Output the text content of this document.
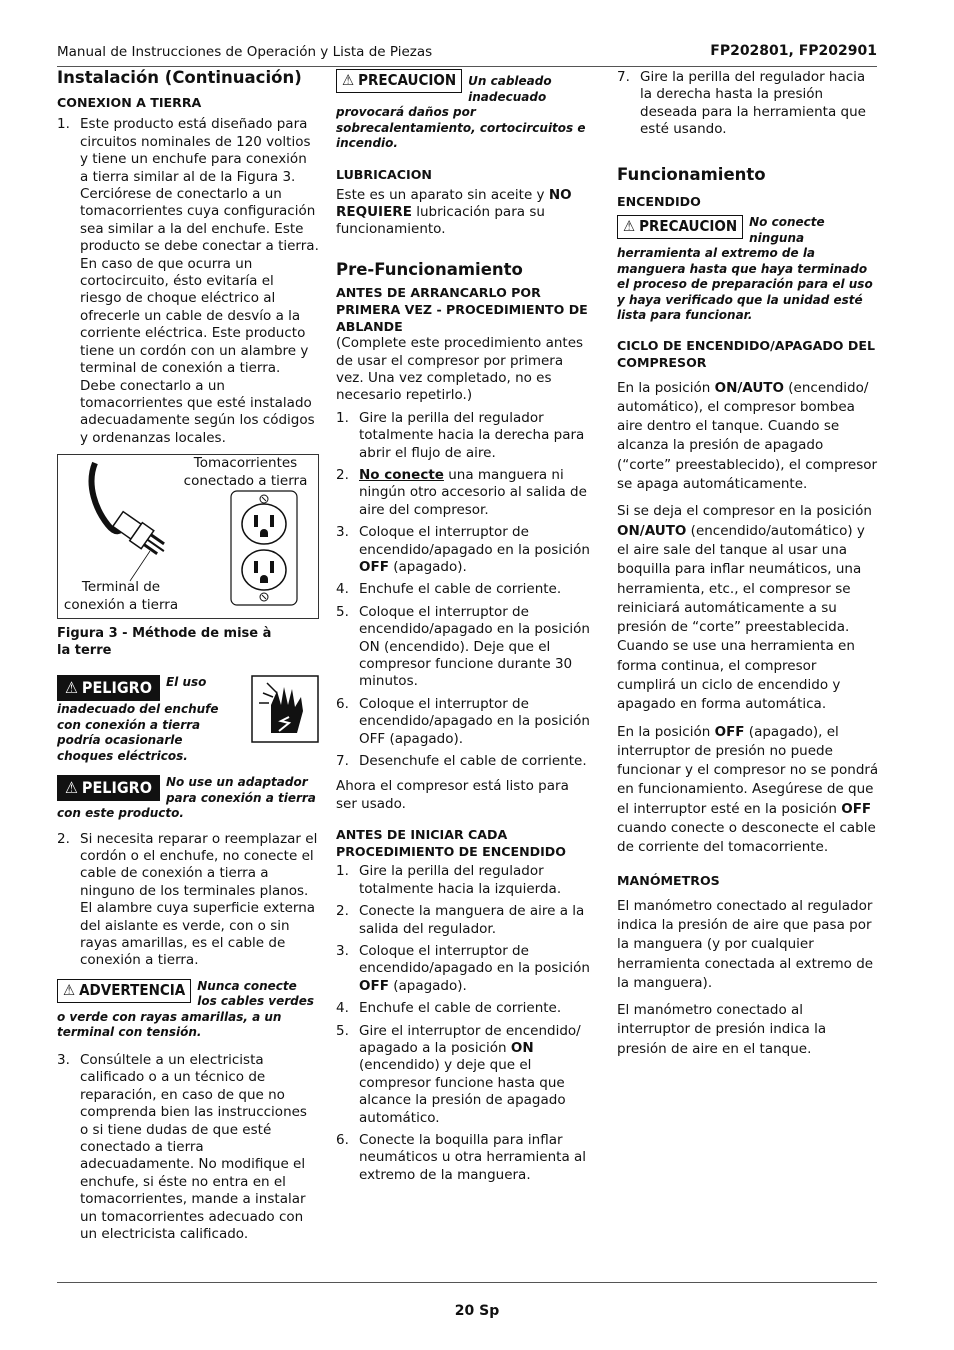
Manual de Instrucciones de Operación y Lista de Piezas	FP202801, FP202901
Instalación (Continuación)
CONEXION A TIERRA
1. Este producto está diseñado para circuitos nominales de 120 voltios y tiene un enchufe para conexión a tierra similar al de la Figura 3. Cerciórese de conectarlo a un tomacorrientes cuya configuración sea similar a la del enchufe. Este producto se debe conectar a tierra. En caso de que ocurra un cortocircuito, ésto evitaría el riesgo de choque eléctrico al ofrecerle un cable de desvío a la corriente eléctrica. Este producto tiene un cordón con un alambre y terminal de conexión a tierra. Debe conectarlo a un tomacorrientes que esté instalado adecuadamente según los códigos y ordenanzas locales.
Tomacorrientes conectado a tierra
Terminal de conexión a tierra
Figura 3 - Méthode de mise à la terre
⚠ PELIGRO El uso inadecuado del enchufe con conexión a tierra podría ocasionarle choques eléctricos.
⚠ PELIGRO No use un adaptador para conexión a tierra con este producto.
2. Si necesita reparar o reemplazar el cordón o el enchufe, no conecte el cable de conexión a tierra a ninguno de los terminales planos. El alambre cuya superficie externa del aislante es verde, con o sin rayas amarillas, es el cable de conexión a tierra.
⚠ ADVERTENCIA Nunca conecte los cables verdes o verde con rayas amarillas, a un terminal con tensión.
3. Consúltele a un electricista calificado o a un técnico de reparación, en caso de que no comprenda bien las instrucciones o si tiene dudas de que esté conectado a tierra adecuadamente. No modifique el enchufe, si éste no entra en el tomacorrientes, mande a instalar un tomacorrientes adecuado con un electricista calificado.
⚠ PRECAUCION Un cableado inadecuado provocará daños por sobrecalentamiento, cortocircuitos e incendio.
LUBRICACION

Este es un aparato sin aceite y NO REQUIERE lubricación para su funcionamiento.

Pre-Funcionamiento
ANTES DE ARRANCARLO POR PRIMERA VEZ - PROCEDIMIENTO DE ABLANDE

(Complete este procedimiento antes de usar el compresor por primera vez. Una vez completado, no es necesario repetirlo.)

1. Gire la perilla del regulador totalmente hacia la derecha para abrir el flujo de aire.
2. No conecte una manguera ni ningún otro accesorio al salida de aire del compresor.
3. Coloque el interruptor de encendido/apagado en la posición OFF (apagado).
4. Enchufe el cable de corriente.
5. Coloque el interruptor de encendido/apagado en la posición ON (encendido). Deje que el compresor funcione durante 30 minutos.
6. Coloque el interruptor de encendido/apagado en la posición OFF (apagado).
7. Desenchufe el cable de corriente.

Ahora el compresor está listo para ser usado.

ANTES DE INICIAR CADA PROCEDIMIENTO DE ENCENDIDO
1. Gire la perilla del regulador totalmente hacia la izquierda.
2. Conecte la manguera de aire a la salida del regulador.
3. Coloque el interruptor de encendido/apagado en la posición OFF (apagado).
4. Enchufe el cable de corriente.
5. Gire el interruptor de encendido/ apagado a la posición ON (encendido) y deje que el compresor funcione hasta que alcance la presión de apagado automático.
6. Conecte la boquilla para inflar neumáticos u otra herramienta al extremo de la manguera.
7. Gire la perilla del regulador hacia la derecha hasta la presión deseada para la herramienta que esté usando.
Funcionamiento
ENCENDIDO
⚠ PRECAUCION No conecte ninguna herramienta al extremo de la manguera hasta que haya terminado el proceso de preparación para el uso y haya verificado que la unidad esté lista para funcionar.
CICLO DE ENCENDIDO/APAGADO DEL COMPRESOR

En la posición ON/AUTO (encendido/ automático), el compresor bombea aire dentro el tanque. Cuando se alcanza la presión de apagado (“corte” preestablecido), el compresor se apaga automáticamente.

Si se deja el compresor en la posición ON/AUTO (encendido/automático) y el aire sale del tanque al usar una boquilla para inflar neumáticos, una herramienta, etc., el compresor se reiniciará automáticamente a su presión de “corte” preestablecida. Cuando se use una herramienta en forma continua, el compresor cumplirá un ciclo de encendido y apagado en forma automática.

En la posición OFF (apagado), el interruptor de presión no puede funcionar y el compresor no se pondrá en funcionamiento. Asegúrese de que el interruptor esté en la posición OFF cuando conecte o desconecte el cable de corriente del tomacorriente.

MANÓMETROS

El manómetro conectado al regulador indica la presión de aire que pasa por la manguera (y por cualquier herramienta conectada al extremo de la manguera).

El manómetro conectado al interruptor de presión indica la presión de aire en el tanque.

20 Sp
